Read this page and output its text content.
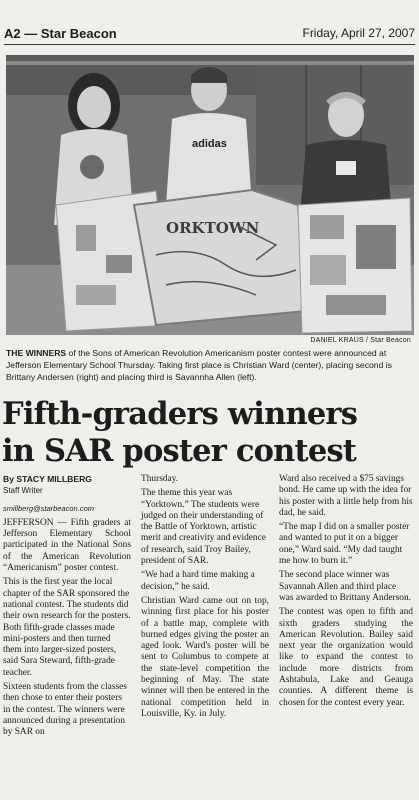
A2 — Star Beacon	Friday, April 27, 2007
adidas
ORKTOWN
DANIEL KRAUS / Star Beacon
THE WINNERS of the Sons of American Revolution Americanism poster contest were announced at Jefferson Elementary School Thursday. Taking first place is Christian Ward (center), placing second is Brittany Andersen (right) and placing third is Savannha Allen (left).
Fifth-graders winners
in SAR poster contest
By STACY MILLBERG
Staff Writer
smillberg@starbeacon.com

JEFFERSON — Fifth graders at Jefferson Elementary School participated in the National Sons of the American Revolution “Americanism” poster contest.

This is the first year the local chapter of the SAR sponsored the national contest. The students did their own research for the posters. Both fifth-grade classes made mini-posters and then turned them into larger-sized posters, said Sara Steward, fifth-grade teacher.

Sixteen students from the classes then chose to enter their posters in the contest. The winners were announced during a presentation by SAR on

Thursday.

The theme this year was “Yorktown.” The students were judged on their understanding of the Battle of Yorktown, artistic merit and creativity and evidence of research, said Troy Bailey, president of SAR.

“We had a hard time making a decision,” he said.

Christian Ward came out on top, winning first place for his poster of a battle map, complete with burned edges giving the poster an aged look. Ward's poster will be sent to Columbus to compete at the state-level competition the beginning of May. The state winner will then be entered in the national competition held in Louisville, Ky. in July.

Ward also received a $75 savings bond. He came up with the idea for his poster with a little help from his dad, he said.

“The map I did on a smaller poster and wanted to put it on a bigger one,” Ward said. “My dad taught me how to burn it.”

The second place winner was Savannah Allen and third place was awarded to Brittany Anderson.

The contest was open to fifth and sixth graders studying the American Revolution. Bailey said next year the organization would like to expand the contest to include more districts from Ashtabula, Lake and Geauga counties. A different theme is chosen for the contest every year.
